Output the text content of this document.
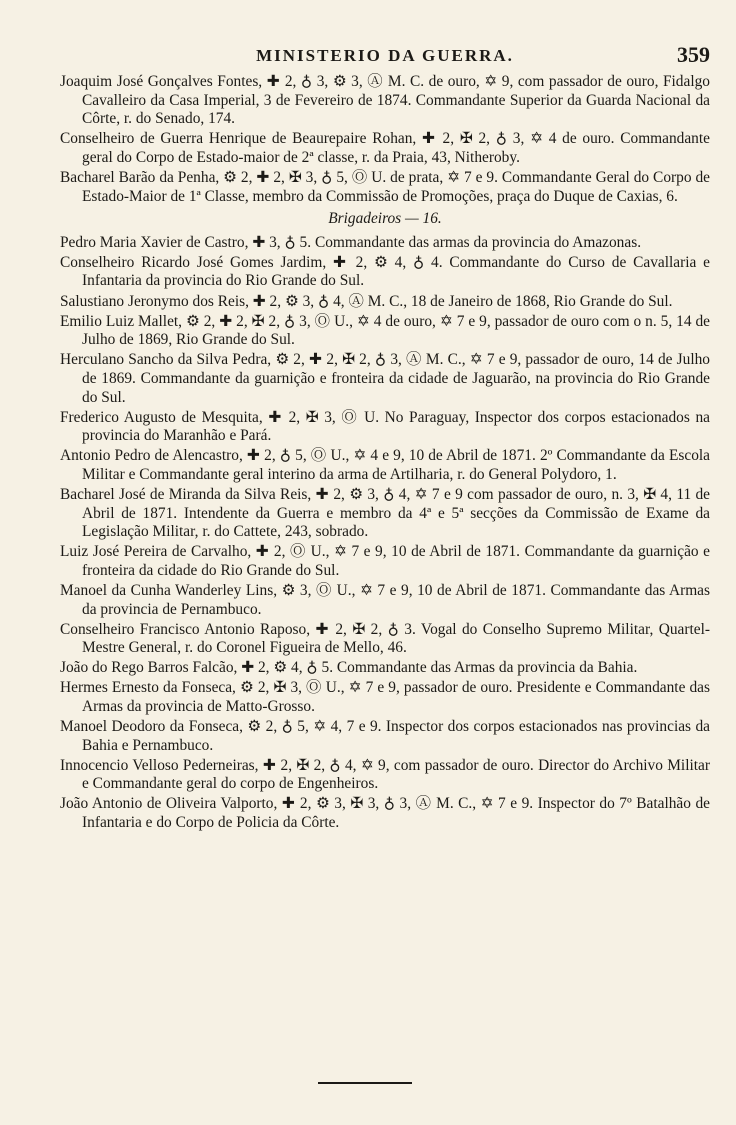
MINISTERIO DA GUERRA.	359

Joaquim José Gonçalves Fontes, ✚ 2, ♁ 3, ⚙ 3, Ⓐ M. C. de ouro, ✡ 9, com passador de ouro, Fidalgo Cavalleiro da Casa Imperial, 3 de Fevereiro de 1874. Commandante Superior da Guarda Nacional da Côrte, r. do Senado, 174.

Conselheiro de Guerra Henrique de Beaurepaire Rohan, ✚ 2, ✠ 2, ♁ 3, ✡ 4 de ouro. Commandante geral do Corpo de Estado-maior de 2ª classe, r. da Praia, 43, Nitheroby.

Bacharel Barão da Penha, ⚙ 2, ✚ 2, ✠ 3, ♁ 5, Ⓞ U. de prata, ✡ 7 e 9. Commandante Geral do Corpo de Estado-Maior de 1ª Classe, membro da Commissão de Promoções, praça do Duque de Caxias, 6.

Brigadeiros — 16.

Pedro Maria Xavier de Castro, ✚ 3, ♁ 5. Commandante das armas da provincia do Amazonas.

Conselheiro Ricardo José Gomes Jardim, ✚ 2, ⚙ 4, ♁ 4. Commandante do Curso de Cavallaria e Infantaria da provincia do Rio Grande do Sul.

Salustiano Jeronymo dos Reis, ✚ 2, ⚙ 3, ♁ 4, Ⓐ M. C., 18 de Janeiro de 1868, Rio Grande do Sul.

Emilio Luiz Mallet, ⚙ 2, ✚ 2, ✠ 2, ♁ 3, Ⓞ U., ✡ 4 de ouro, ✡ 7 e 9, passador de ouro com o n. 5, 14 de Julho de 1869, Rio Grande do Sul.

Herculano Sancho da Silva Pedra, ⚙ 2, ✚ 2, ✠ 2, ♁ 3, Ⓐ M. C., ✡ 7 e 9, passador de ouro, 14 de Julho de 1869. Commandante da guarnição e fronteira da cidade de Jaguarão, na provincia do Rio Grande do Sul.

Frederico Augusto de Mesquita, ✚ 2, ✠ 3, Ⓞ U. No Paraguay, Inspector dos corpos estacionados na provincia do Maranhão e Pará.

Antonio Pedro de Alencastro, ✚ 2, ♁ 5, Ⓞ U., ✡ 4 e 9, 10 de Abril de 1871. 2º Commandante da Escola Militar e Commandante geral interino da arma de Artilharia, r. do General Polydoro, 1.

Bacharel José de Miranda da Silva Reis, ✚ 2, ⚙ 3, ♁ 4, ✡ 7 e 9 com passador de ouro, n. 3, ✠ 4, 11 de Abril de 1871. Intendente da Guerra e membro da 4ª e 5ª secções da Commissão de Exame da Legislação Militar, r. do Cattete, 243, sobrado.

Luiz José Pereira de Carvalho, ✚ 2, Ⓞ U., ✡ 7 e 9, 10 de Abril de 1871. Commandante da guarnição e fronteira da cidade do Rio Grande do Sul.

Manoel da Cunha Wanderley Lins, ⚙ 3, Ⓞ U., ✡ 7 e 9, 10 de Abril de 1871. Commandante das Armas da provincia de Pernambuco.

Conselheiro Francisco Antonio Raposo, ✚ 2, ✠ 2, ♁ 3. Vogal do Conselho Supremo Militar, Quartel-Mestre General, r. do Coronel Figueira de Mello, 46.

João do Rego Barros Falcão, ✚ 2, ⚙ 4, ♁ 5. Commandante das Armas da provincia da Bahia.

Hermes Ernesto da Fonseca, ⚙ 2, ✠ 3, Ⓞ U., ✡ 7 e 9, passador de ouro. Presidente e Commandante das Armas da provincia de Matto-Grosso.

Manoel Deodoro da Fonseca, ⚙ 2, ♁ 5, ✡ 4, 7 e 9. Inspector dos corpos estacionados nas provincias da Bahia e Pernambuco.

Innocencio Velloso Pederneiras, ✚ 2, ✠ 2, ♁ 4, ✡ 9, com passador de ouro. Director do Archivo Militar e Commandante geral do corpo de Engenheiros.

João Antonio de Oliveira Valporto, ✚ 2, ⚙ 3, ✠ 3, ♁ 3, Ⓐ M. C., ✡ 7 e 9. Inspector do 7º Batalhão de Infantaria e do Corpo de Policia da Côrte.
